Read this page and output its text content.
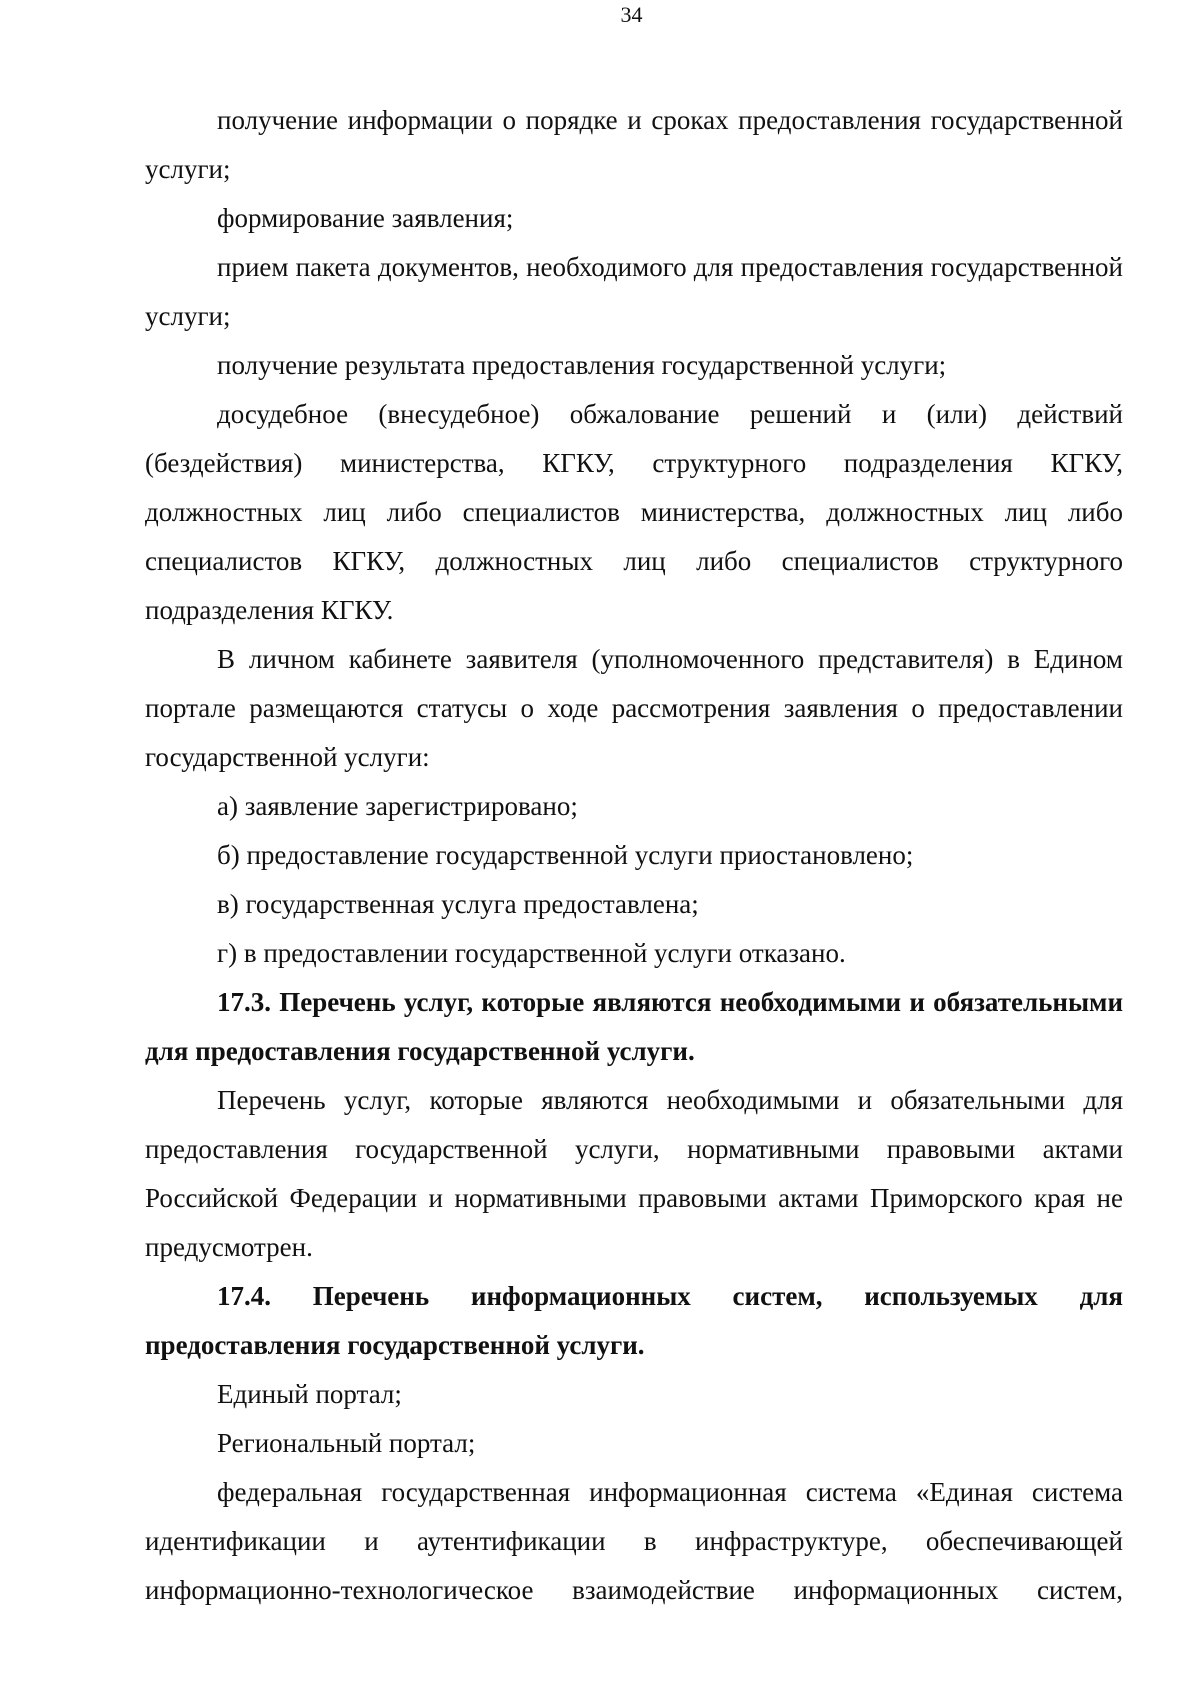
34

получение информации о порядке и сроках предоставления государственной услуги;

формирование заявления;

прием пакета документов, необходимого для предоставления государственной услуги;

получение результата предоставления государственной услуги;

досудебное (внесудебное) обжалование решений и (или) действий (бездействия) министерства, КГКУ, структурного подразделения КГКУ, должностных лиц либо специалистов министерства, должностных лиц либо специалистов КГКУ, должностных лиц либо специалистов структурного подразделения КГКУ.

В личном кабинете заявителя (уполномоченного представителя) в Едином портале размещаются статусы о ходе рассмотрения заявления о предоставлении государственной услуги:

а) заявление зарегистрировано;

б) предоставление государственной услуги приостановлено;

в) государственная услуга предоставлена;

г) в предоставлении государственной услуги отказано.

17.3. Перечень услуг, которые являются необходимыми и обязательными для предоставления государственной услуги.

Перечень услуг, которые являются необходимыми и обязательными для предоставления государственной услуги, нормативными правовыми актами Российской Федерации и нормативными правовыми актами Приморского края не предусмотрен.

17.4. Перечень информационных систем, используемых для предоставления государственной услуги.

Единый портал;

Региональный портал;

федеральная государственная информационная система «Единая система идентификации и аутентификации в инфраструктуре, обеспечивающей информационно-технологическое взаимодействие информационных систем,
